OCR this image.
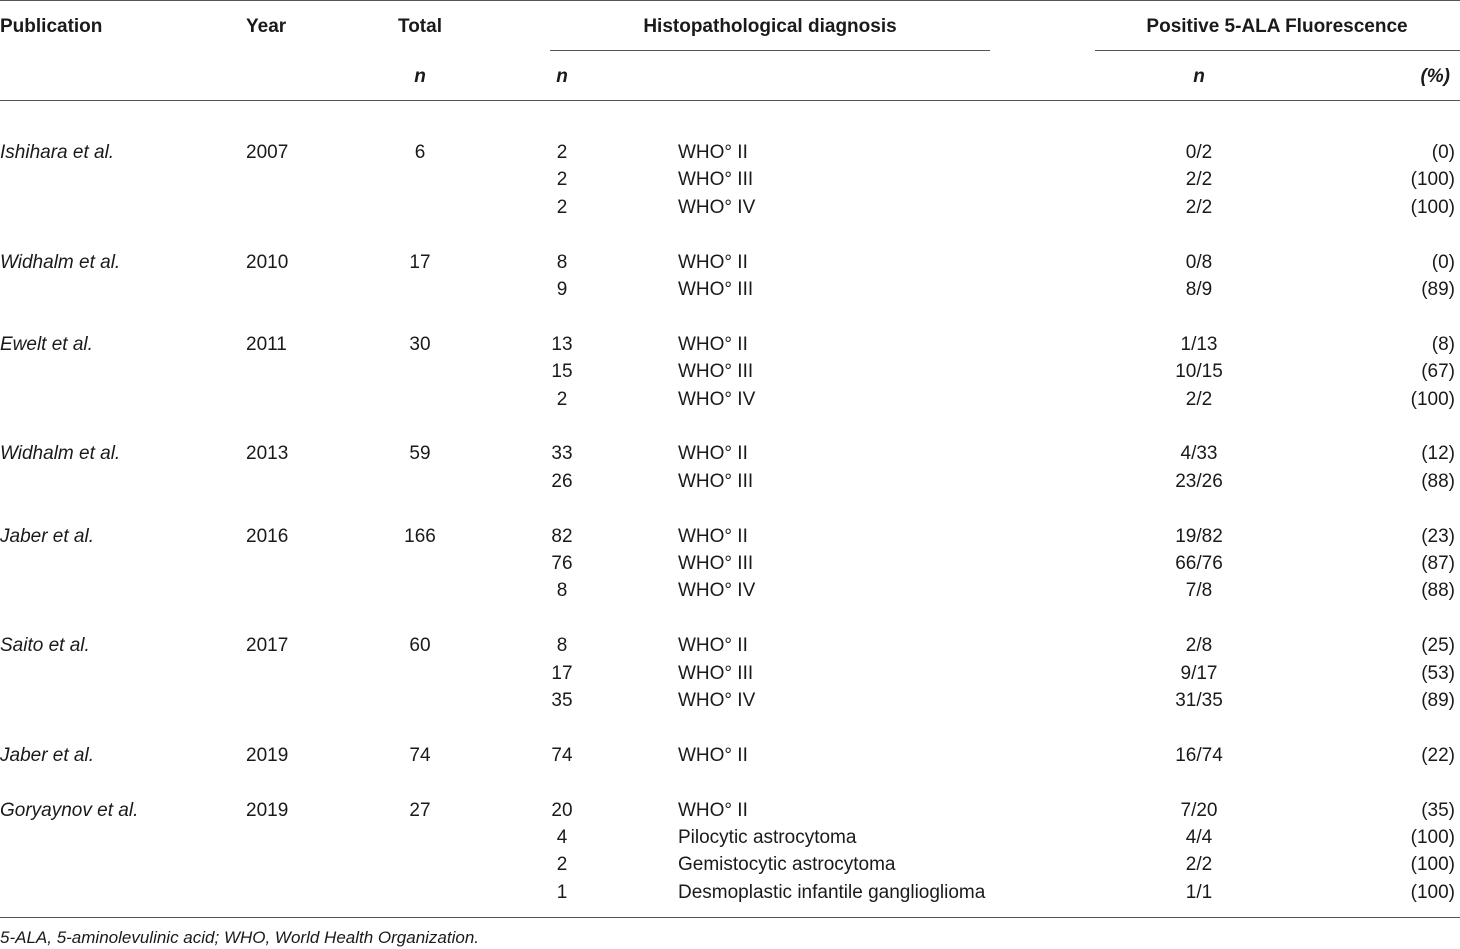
Publication	Year	Total	Histopathological diagnosis	Positive 5-ALA Fluorescence
n	n	n	(%)
Ishihara et al.	2007	6	2	WHO° II	0/2	(0)
2	WHO° III	2/2	(100)
2	WHO° IV	2/2	(100)
Widhalm et al.	2010	17	8	WHO° II	0/8	(0)
9	WHO° III	8/9	(89)
Ewelt et al.	2011	30	13	WHO° II	1/13	(8)
15	WHO° III	10/15	(67)
2	WHO° IV	2/2	(100)
Widhalm et al.	2013	59	33	WHO° II	4/33	(12)
26	WHO° III	23/26	(88)
Jaber et al.	2016	166	82	WHO° II	19/82	(23)
76	WHO° III	66/76	(87)
8	WHO° IV	7/8	(88)
Saito et al.	2017	60	8	WHO° II	2/8	(25)
17	WHO° III	9/17	(53)
35	WHO° IV	31/35	(89)
Jaber et al.	2019	74	74	WHO° II	16/74	(22)
Goryaynov et al.	2019	27	20	WHO° II	7/20	(35)
4	Pilocytic astrocytoma	4/4	(100)
2	Gemistocytic astrocytoma	2/2	(100)
1	Desmoplastic infantile ganglioglioma	1/1	(100)
5-ALA, 5-aminolevulinic acid; WHO, World Health Organization.
